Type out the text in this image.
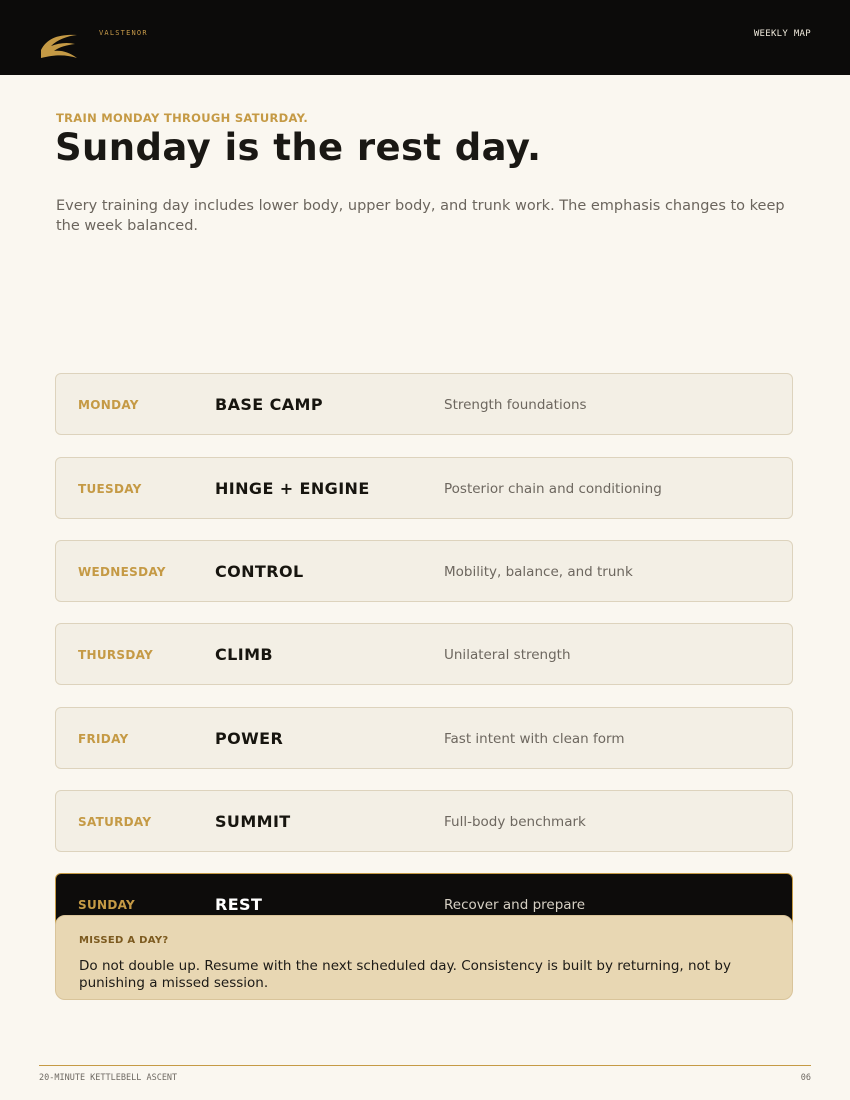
VALSTENOR	WEEKLY MAP
TRAIN MONDAY THROUGH SATURDAY.
Sunday is the rest day.

Every training day includes lower body, upper body, and trunk work. The emphasis changes to keep the week balanced.

MONDAY	BASE CAMP	Strength foundations
TUESDAY	HINGE + ENGINE	Posterior chain and conditioning
WEDNESDAY	CONTROL	Mobility, balance, and trunk
THURSDAY	CLIMB	Unilateral strength
FRIDAY	POWER	Fast intent with clean form
SATURDAY	SUMMIT	Full-body benchmark
SUNDAY	REST	Recover and prepare
MISSED A DAY?

Do not double up. Resume with the next scheduled day. Consistency is built by returning, not by punishing a missed session.

20-MINUTE KETTLEBELL ASCENT	06
